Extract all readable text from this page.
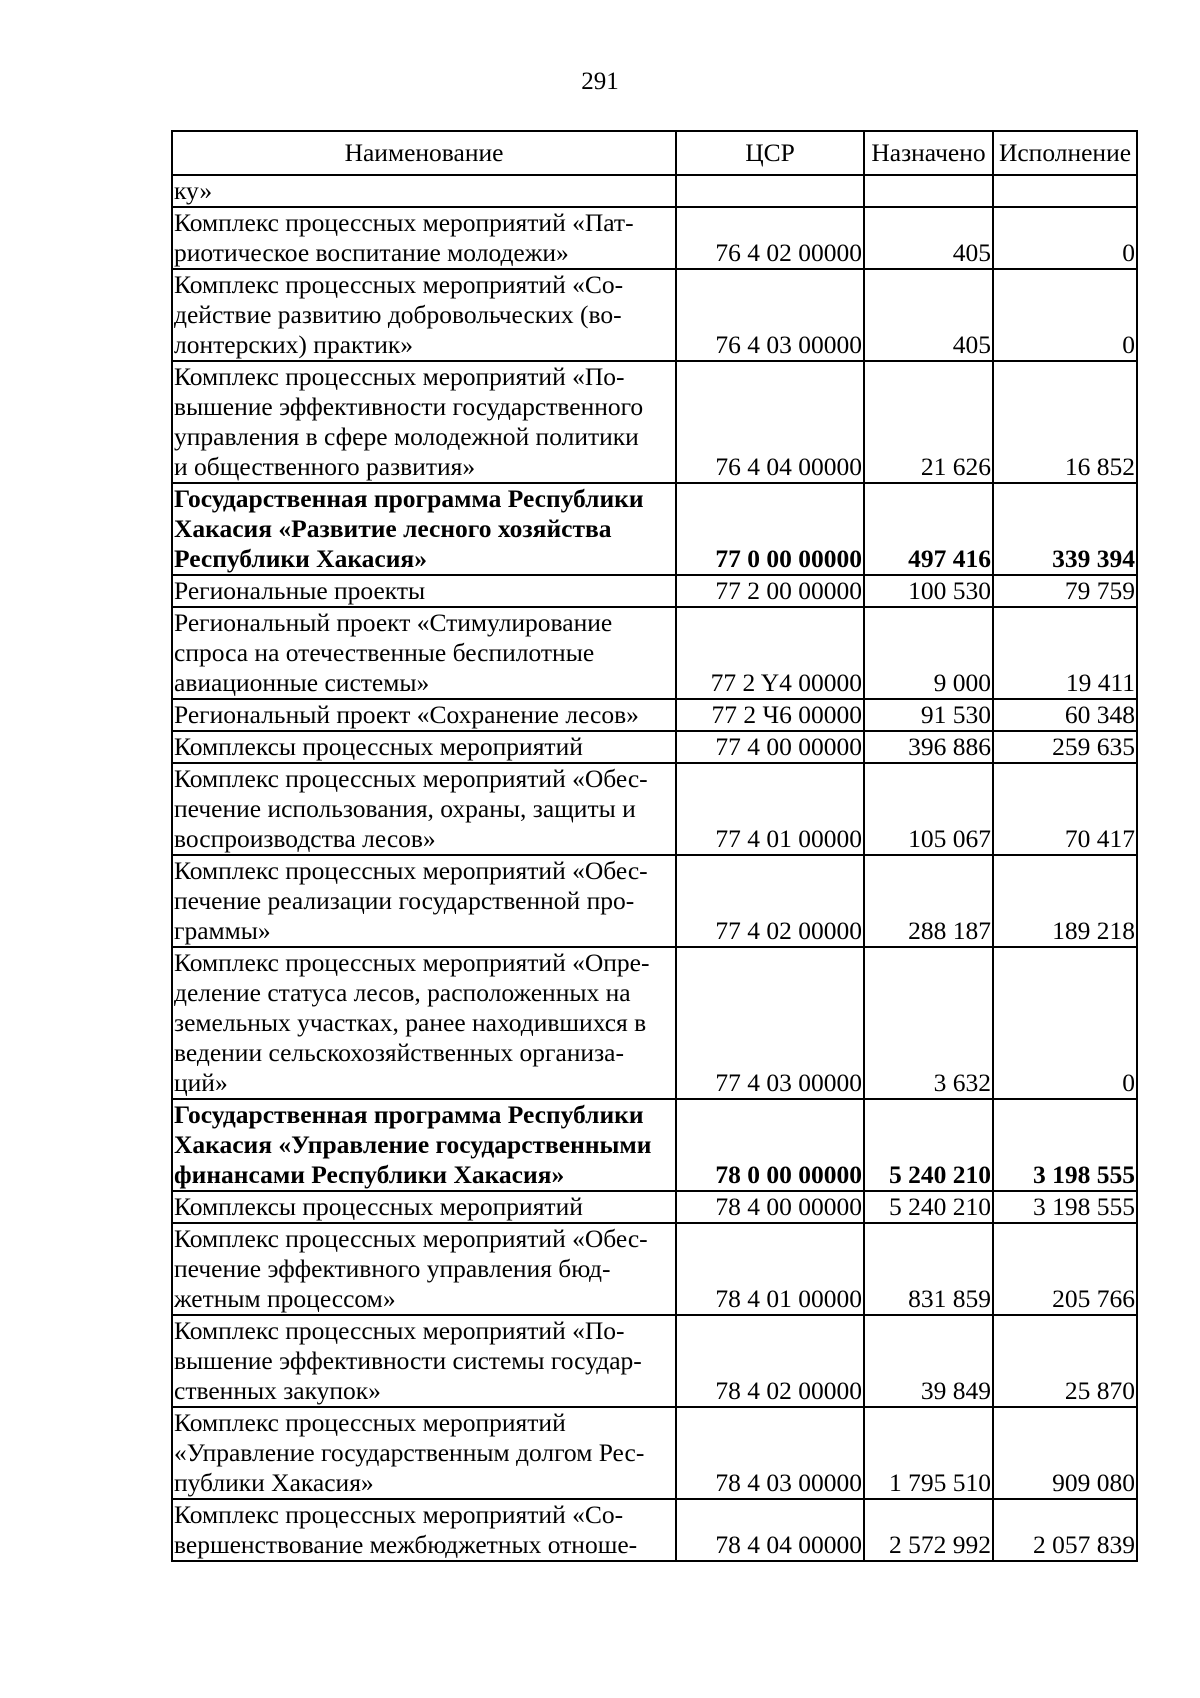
291
Наименование	ЦСР	Назначено	Исполнение
ку»			
Комплекс процессных мероприятий «Пат-
риотическое воспитание молодежи»	76 4 02 00000	405	0
Комплекс процессных мероприятий «Со-
действие развитию добровольческих (во-
лонтерских) практик»	76 4 03 00000	405	0
Комплекс процессных мероприятий «По-
вышение эффективности государственного
управления в сфере молодежной политики
и общественного развития»	76 4 04 00000	21 626	16 852
Государственная программа Республики
Хакасия «Развитие лесного хозяйства
Республики Хакасия»	77 0 00 00000	497 416	339 394
Региональные проекты	77 2 00 00000	100 530	79 759
Региональный проект «Стимулирование
спроса на отечественные беспилотные
авиационные системы»	77 2 Y4 00000	9 000	19 411
Региональный проект «Сохранение лесов»	77 2 Ч6 00000	91 530	60 348
Комплексы процессных мероприятий	77 4 00 00000	396 886	259 635
Комплекс процессных мероприятий «Обес-
печение использования, охраны, защиты и
воспроизводства лесов»	77 4 01 00000	105 067	70 417
Комплекс процессных мероприятий «Обес-
печение реализации государственной про-
граммы»	77 4 02 00000	288 187	189 218
Комплекс процессных мероприятий «Опре-
деление статуса лесов, расположенных на
земельных участках, ранее находившихся в
ведении сельскохозяйственных организа-
ций»	77 4 03 00000	3 632	0
Государственная программа Республики
Хакасия «Управление государственными
финансами Республики Хакасия»	78 0 00 00000	5 240 210	3 198 555
Комплексы процессных мероприятий	78 4 00 00000	5 240 210	3 198 555
Комплекс процессных мероприятий «Обес-
печение эффективного управления бюд-
жетным процессом»	78 4 01 00000	831 859	205 766
Комплекс процессных мероприятий «По-
вышение эффективности системы государ-
ственных закупок»	78 4 02 00000	39 849	25 870
Комплекс процессных мероприятий
«Управление государственным долгом Рес-
публики Хакасия»	78 4 03 00000	1 795 510	909 080
Комплекс процессных мероприятий «Со-
вершенствование межбюджетных отноше-	78 4 04 00000	2 572 992	2 057 839
